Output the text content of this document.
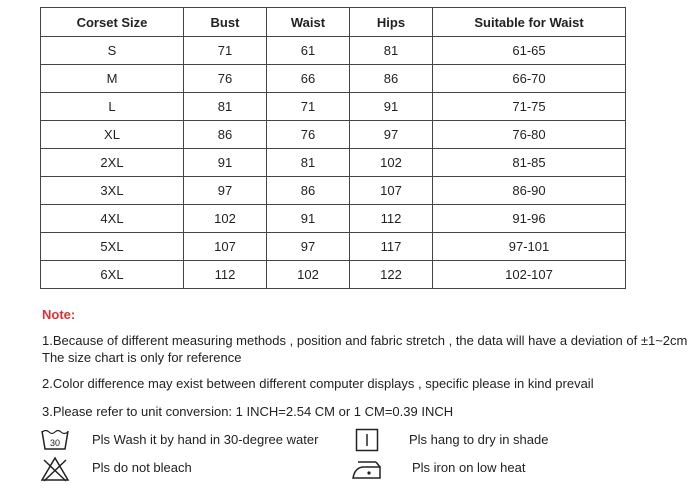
Corset Size	Bust	Waist	Hips	Suitable for Waist
S	71	61	81	61-65
M	76	66	86	66-70
L	81	71	91	71-75
XL	86	76	97	76-80
2XL	91	81	102	81-85
3XL	97	86	107	86-90
4XL	102	91	112	91-96
5XL	107	97	117	97-101
6XL	112	102	122	102-107
Note:
1.Because of different measuring methods , position and fabric stretch , the data will have a deviation of ±1~2cm
The size chart is only for reference
2.Color difference may exist between different computer displays , specific please in kind prevail
3.Please refer to unit conversion: 1 INCH=2.54 CM or 1 CM=0.39 INCH
30 Pls Wash it by hand in 30-degree water
Pls do not bleach
Pls hang to dry in shade
Pls iron on low heat
